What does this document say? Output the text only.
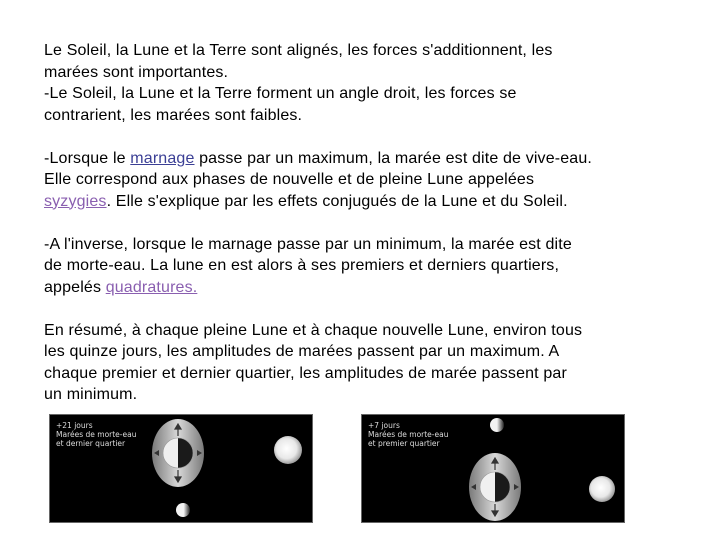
Le Soleil, la Lune et la Terre sont alignés, les forces s'additionnent, les
marées sont importantes.
-Le Soleil, la Lune et la Terre forment un angle droit, les forces se
contrarient, les marées sont faibles.

-Lorsque le marnage passe par un maximum, la marée est dite de vive-eau.
Elle correspond aux phases de nouvelle et de pleine Lune appelées
syzygies. Elle s'explique par les effets conjugués de la Lune et du Soleil.

-A l'inverse, lorsque le marnage passe par un minimum, la marée est dite
de morte-eau. La lune en est alors à ses premiers et derniers quartiers,
appelés quadratures.

En résumé, à chaque pleine Lune et à chaque nouvelle Lune, environ tous
les quinze jours, les amplitudes de marées passent par un maximum. A
chaque premier et dernier quartier, les amplitudes de marée passent par
un minimum.

+21 jours
Marées de morte-eau
et dernier quartier
+7 jours
Marées de morte-eau
et premier quartier
